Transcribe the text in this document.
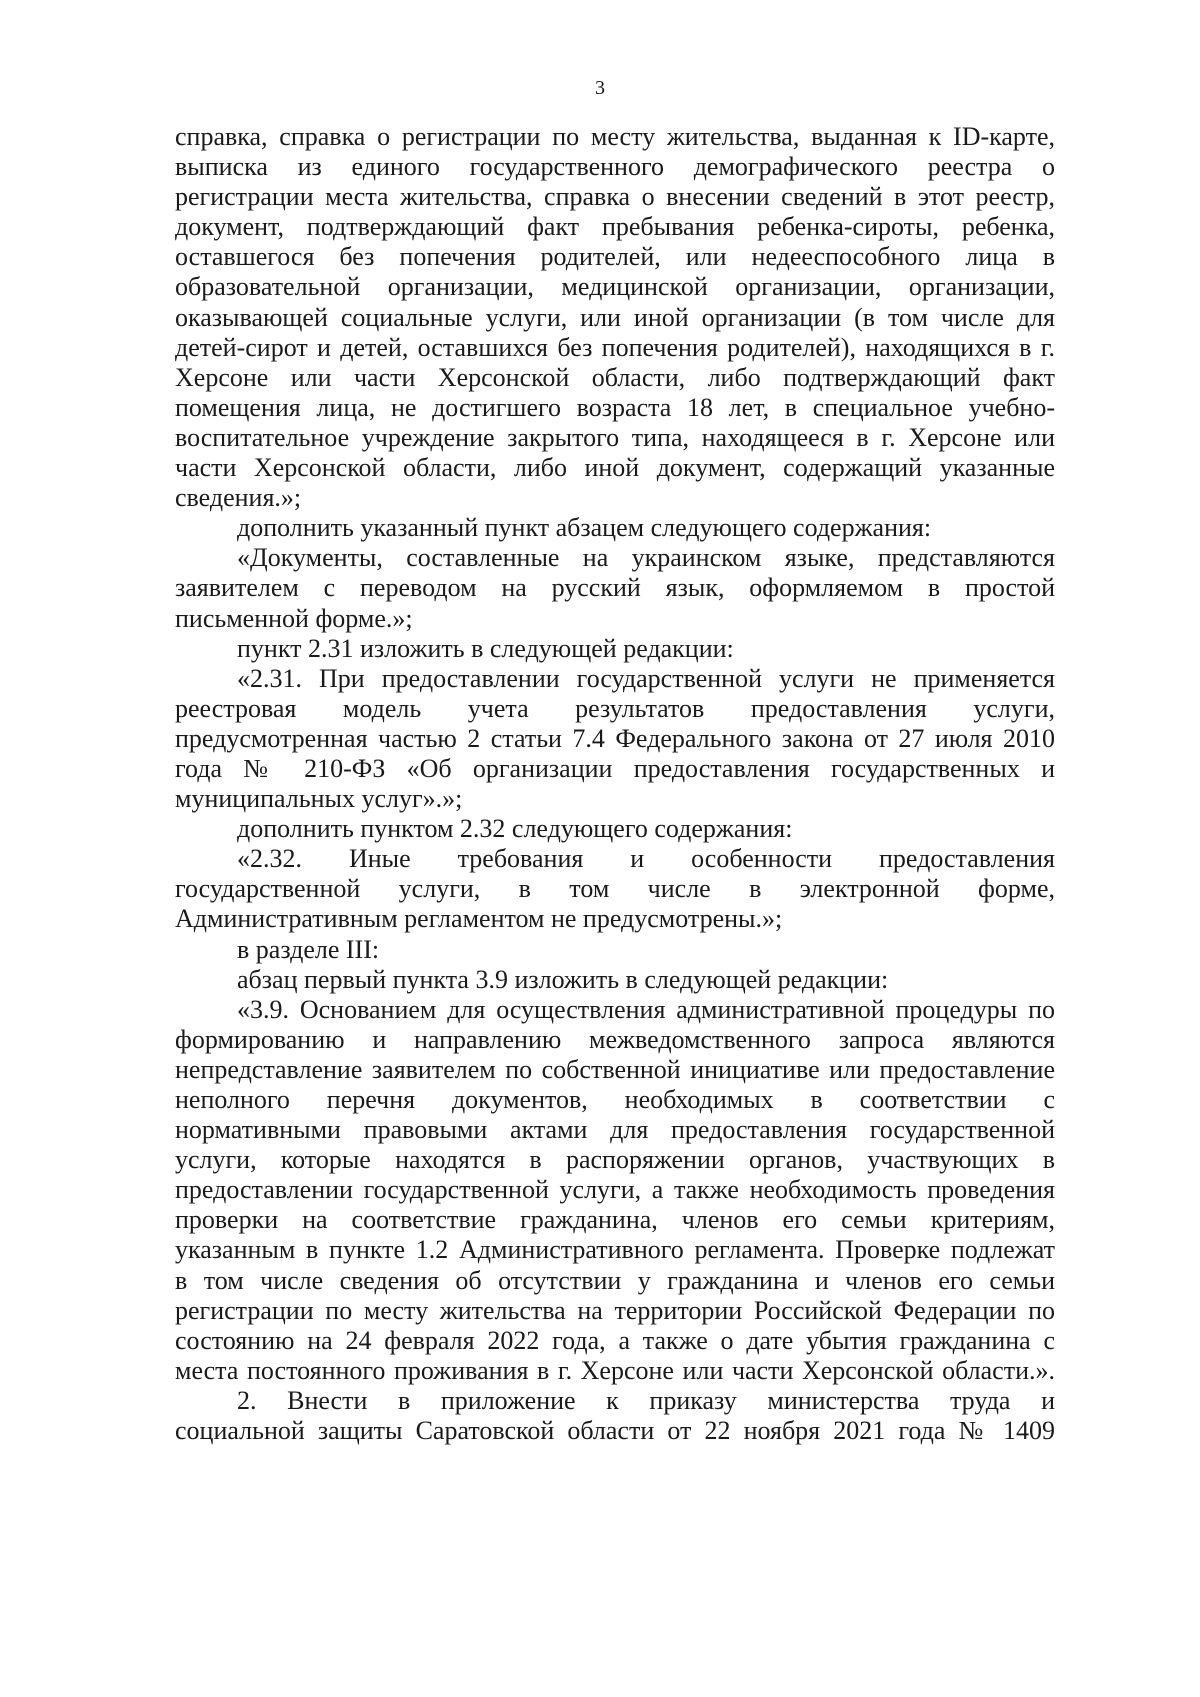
3
справка, справка о регистрации по месту жительства, выданная к ID-карте,
выписка из единого государственного демографического реестра о
регистрации места жительства, справка о внесении сведений в этот реестр,
документ, подтверждающий факт пребывания ребенка-сироты, ребенка,
оставшегося без попечения родителей, или недееспособного лица в
образовательной организации, медицинской организации, организации,
оказывающей социальные услуги, или иной организации (в том числе для
детей-сирот и детей, оставшихся без попечения родителей), находящихся в г.
Херсоне или части Херсонской области, либо подтверждающий факт
помещения лица, не достигшего возраста 18 лет, в специальное учебно-
воспитательное учреждение закрытого типа, находящееся в г. Херсоне или
части Херсонской области, либо иной документ, содержащий указанные
сведения.»;
дополнить указанный пункт абзацем следующего содержания:
«Документы, составленные на украинском языке, представляются
заявителем с переводом на русский язык, оформляемом в простой
письменной форме.»;
пункт 2.31 изложить в следующей редакции:
«2.31. При предоставлении государственной услуги не применяется
реестровая модель учета результатов предоставления услуги,
предусмотренная частью 2 статьи 7.4 Федерального закона от 27 июля 2010
года № 210-ФЗ «Об организации предоставления государственных и
муниципальных услуг».»;
дополнить пунктом 2.32 следующего содержания:
«2.32. Иные требования и особенности предоставления
государственной услуги, в том числе в электронной форме,
Административным регламентом не предусмотрены.»;
в разделе III:
абзац первый пункта 3.9 изложить в следующей редакции:
«3.9. Основанием для осуществления административной процедуры по
формированию и направлению межведомственного запроса являются
непредставление заявителем по собственной инициативе или предоставление
неполного перечня документов, необходимых в соответствии с
нормативными правовыми актами для предоставления государственной
услуги, которые находятся в распоряжении органов, участвующих в
предоставлении государственной услуги, а также необходимость проведения
проверки на соответствие гражданина, членов его семьи критериям,
указанным в пункте 1.2 Административного регламента. Проверке подлежат
в том числе сведения об отсутствии у гражданина и членов его семьи
регистрации по месту жительства на территории Российской Федерации по
состоянию на 24 февраля 2022 года, а также о дате убытия гражданина с
места постоянного проживания в г. Херсоне или части Херсонской области.».
2. Внести в приложение к приказу министерства труда и
социальной защиты Саратовской области от 22 ноября 2021 года № 1409
